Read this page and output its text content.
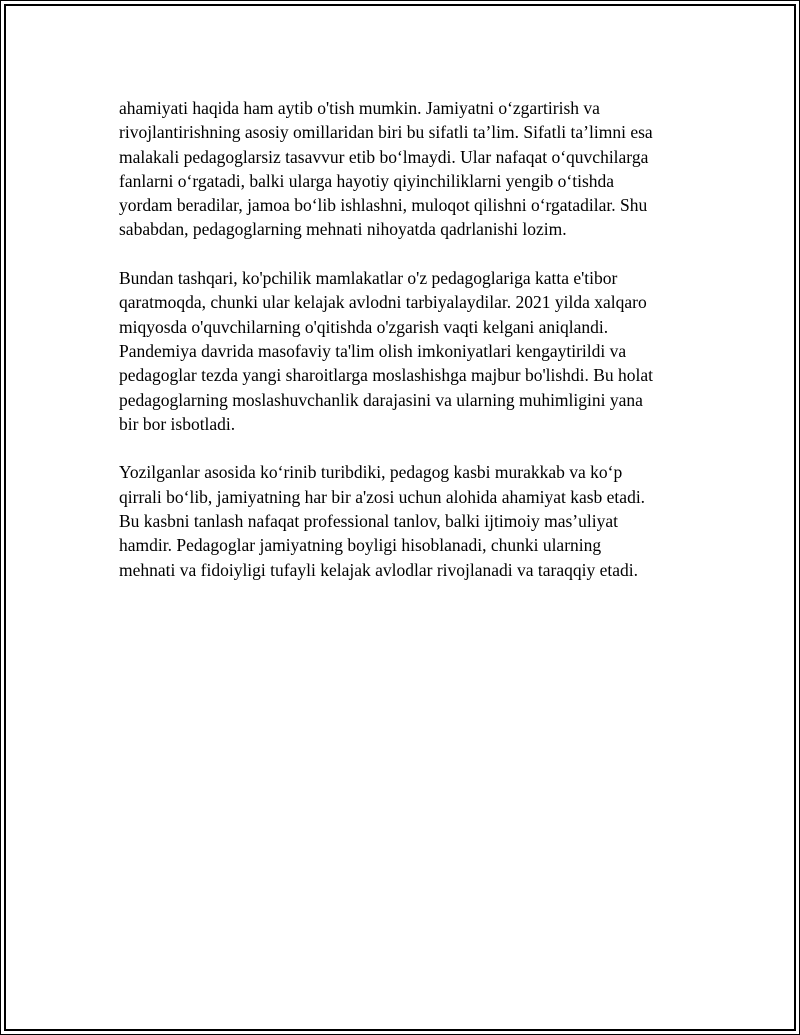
ahamiyati haqida ham aytib o'tish mumkin. Jamiyatni o‘zgartirish va
rivojlantirishning asosiy omillaridan biri bu sifatli ta’lim. Sifatli ta’limni esa
malakali pedagoglarsiz tasavvur etib bo‘lmaydi. Ular nafaqat o‘quvchilarga
fanlarni o‘rgatadi, balki ularga hayotiy qiyinchiliklarni yengib o‘tishda
yordam beradilar, jamoa bo‘lib ishlashni, muloqot qilishni o‘rgatadilar. Shu
sababdan, pedagoglarning mehnati nihoyatda qadrlanishi lozim.
Bundan tashqari, ko'pchilik mamlakatlar o'z pedagoglariga katta e'tibor
qaratmoqda, chunki ular kelajak avlodni tarbiyalaydilar. 2021 yilda xalqaro
miqyosda o'quvchilarning o'qitishda o'zgarish vaqti kelgani aniqlandi.
Pandemiya davrida masofaviy ta'lim olish imkoniyatlari kengaytirildi va
pedagoglar tezda yangi sharoitlarga moslashishga majbur bo'lishdi. Bu holat
pedagoglarning moslashuvchanlik darajasini va ularning muhimligini yana
bir bor isbotladi.
Yozilganlar asosida ko‘rinib turibdiki, pedagog kasbi murakkab va ko‘p
qirrali bo‘lib, jamiyatning har bir a'zosi uchun alohida ahamiyat kasb etadi.
Bu kasbni tanlash nafaqat professional tanlov, balki ijtimoiy mas’uliyat
hamdir. Pedagoglar jamiyatning boyligi hisoblanadi, chunki ularning
mehnati va fidoiyligi tufayli kelajak avlodlar rivojlanadi va taraqqiy etadi.
